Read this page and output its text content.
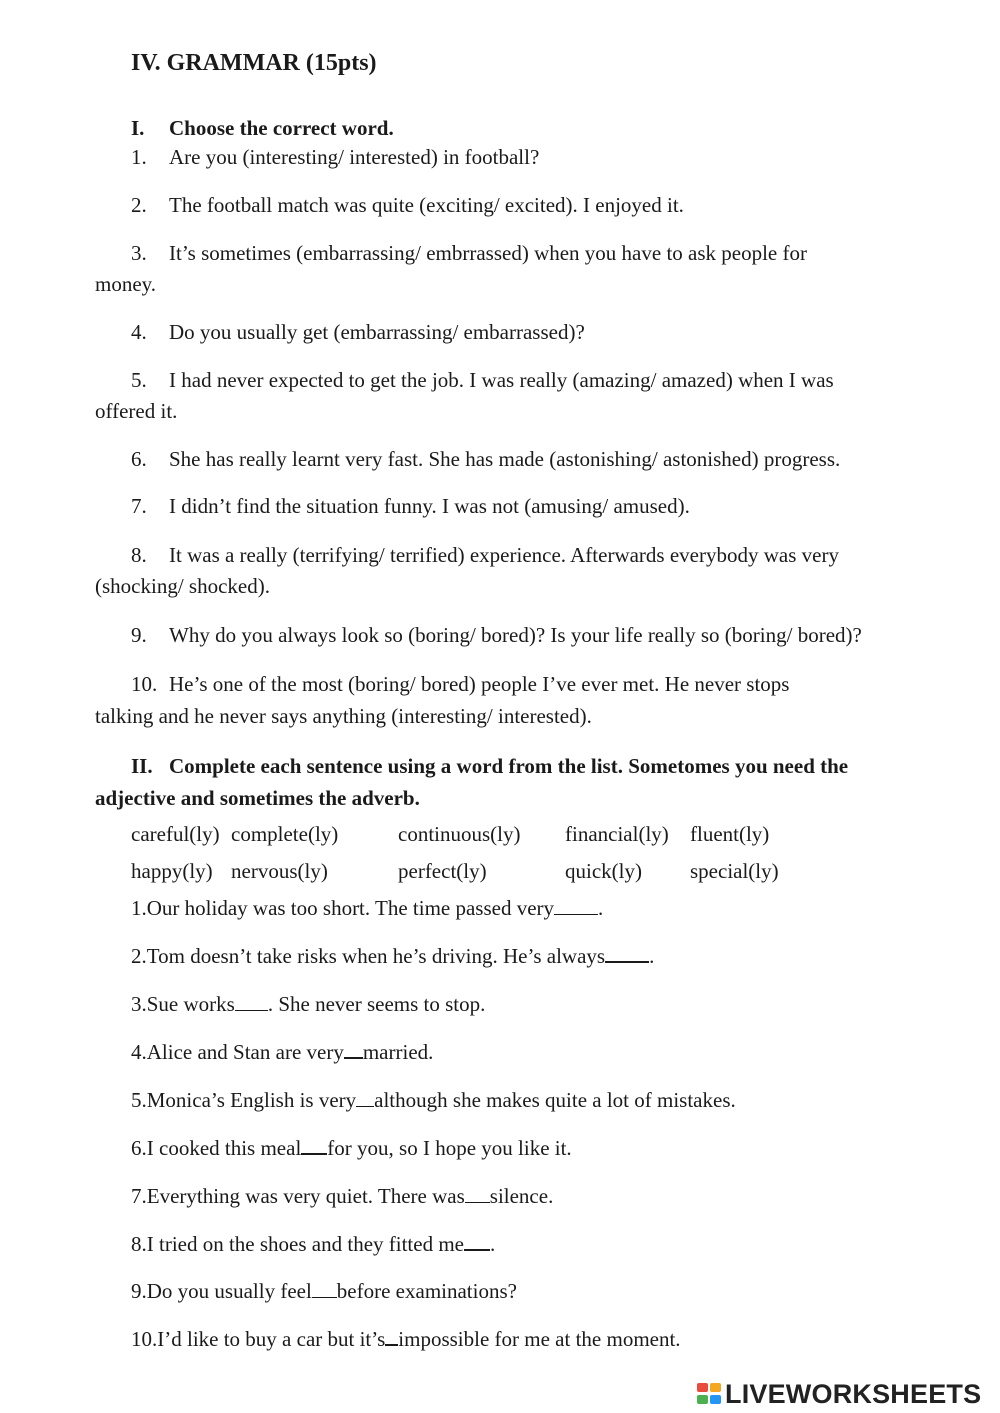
IV. GRAMMAR (15pts)
I. Choose the correct word.
1. Are you (interesting/ interested) in football?
2. The football match was quite (exciting/ excited). I enjoyed it.
3. It’s sometimes (embarrassing/ embrrassed) when you have to ask people for
money.
4. Do you usually get (embarrassing/ embarrassed)?
5. I had never expected to get the job. I was really (amazing/ amazed) when I was
offered it.
6. She has really learnt very fast. She has made (astonishing/ astonished) progress.
7. I didn’t find the situation funny. I was not (amusing/ amused).
8. It was a really (terrifying/ terrified) experience. Afterwards everybody was very
(shocking/ shocked).
9. Why do you always look so (boring/ bored)? Is your life really so (boring/ bored)?
10. He’s one of the most (boring/ bored) people I’ve ever met. He never stops
talking and he never says anything (interesting/ interested).
II. Complete each sentence using a word from the list. Sometomes you need the
adjective and sometimes the adverb.
careful(ly) complete(ly)	continuous(ly) financial(ly) fluent(ly)
happy(ly) nervous(ly)	perfect(ly)	quick(ly) special(ly)
1.Our holiday was too short. The time passed very .
2.Tom doesn’t take risks when he’s driving. He’s always .
3.Sue works . She never seems to stop.
4.Alice and Stan are very married.
5.Monica’s English is very although she makes quite a lot of mistakes.
6.I cooked this meal for you, so I hope you like it.
7.Everything was very quiet. There was silence.
8.I tried on the shoes and they fitted me .
9.Do you usually feel before examinations?
10.I’d like to buy a car but it’s impossible for me at the moment.
LIVEWORKSHEETS
